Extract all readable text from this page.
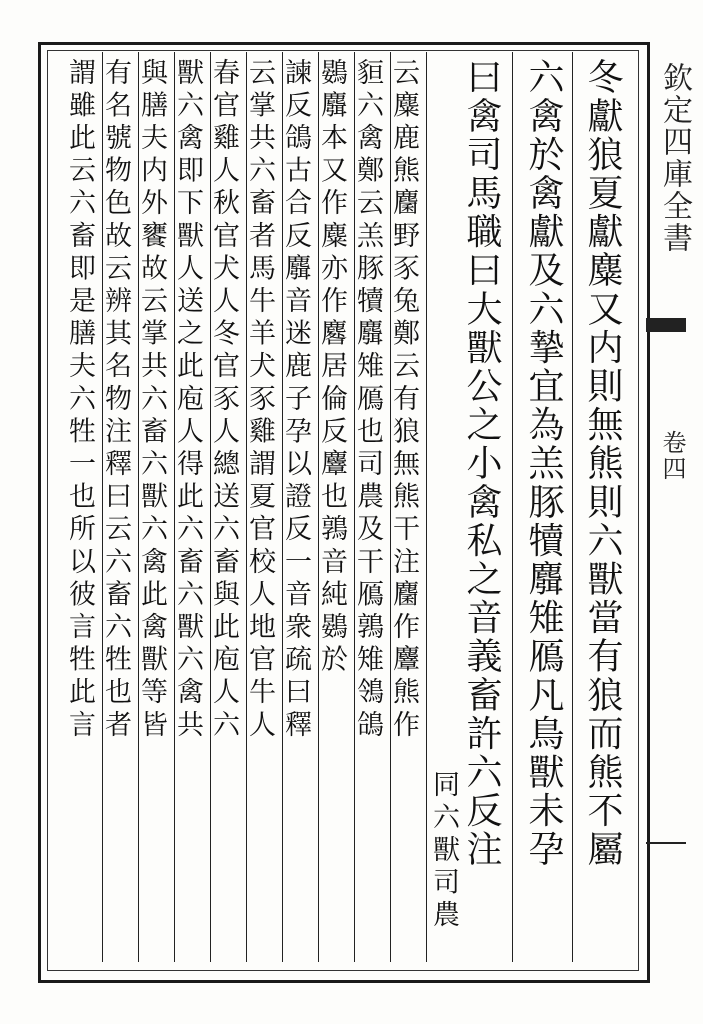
欽定四庫全書
卷四
冬獻狼夏獻麋又内則無熊則六獸當有狼而熊不屬
六禽於禽獻及六摯宜為羔豚犢麛雉鴈凡鳥獸未孕
曰禽司馬職曰大獸公之小禽私之音義畜許六反注
同六獸司農
云麋鹿熊麕野豕兔鄭云有狼無熊干注麕作麞熊作
貆六禽鄭云羔豚犢麛雉鴈也司農及干鴈鶉雉鴒鴿
鷃麛本又作麋亦作麔居倫反麞也鶉音純鷃於
諫反鴿古合反麛音迷鹿子孕以證反一音衆疏曰釋
云掌共六畜者馬牛羊犬豕雞謂夏官校人地官牛人
春官雞人秋官犬人冬官豕人總送六畜與此庖人六
獸六禽即下獸人送之此庖人得此六畜六獸六禽共
與膳夫内外饔故云掌共六畜六獸六禽此禽獸等皆
有名號物色故云辨其名物注釋曰云六畜六牲也者
謂雖此云六畜即是膳夫六牲一也所以彼言牲此言
